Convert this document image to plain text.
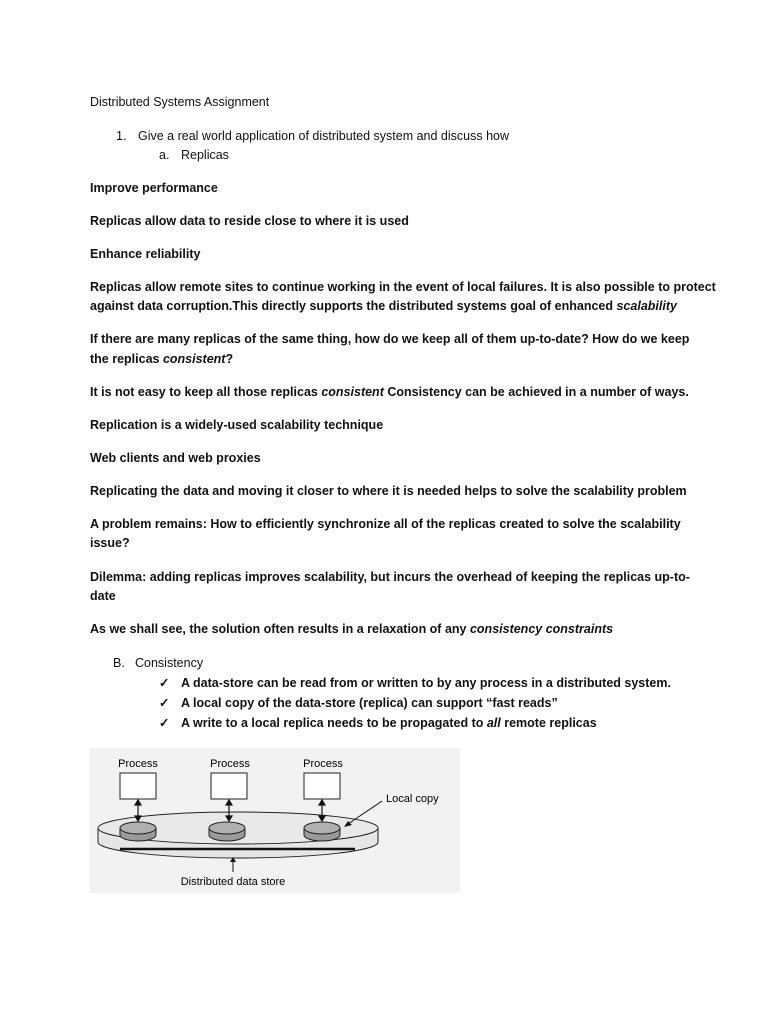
Distributed Systems Assignment
1. Give a real world application of distributed system and discuss how
a. Replicas
Improve performance
Replicas allow data to reside close to where it is used
Enhance reliability
Replicas allow remote sites to continue working in the event of local failures. It is also possible to protect
against data corruption.This directly supports the distributed systems goal of enhanced scalability
If there are many replicas of the same thing, how do we keep all of them up-to-date? How do we keep
the replicas consistent?
It is not easy to keep all those replicas consistent Consistency can be achieved in a number of ways.
Replication is a widely-used scalability technique
Web clients and web proxies
Replicating the data and moving it closer to where it is needed helps to solve the scalability problem
A problem remains: How to efficiently synchronize all of the replicas created to solve the scalability
issue?
Dilemma: adding replicas improves scalability, but incurs the overhead of keeping the replicas up-to-
date
As we shall see, the solution often results in a relaxation of any consistency constraints
B. Consistency
✓ A data-store can be read from or written to by any process in a distributed system.
✓ A local copy of the data-store (replica) can support “fast reads”
✓ A write to a local replica needs to be propagated to all remote replicas
Process	Process	Process
Local copy
Distributed data store
